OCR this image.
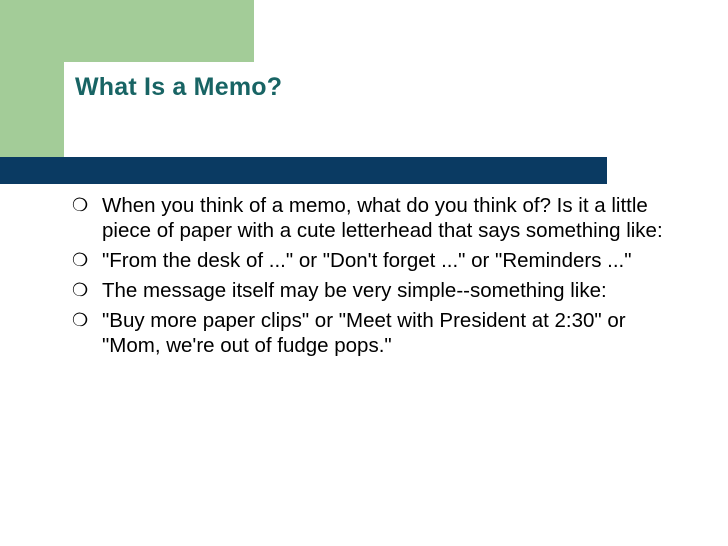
What Is a Memo?
❍ When you think of a memo, what do you think of? Is it a little piece of paper with a cute letterhead that says something like:
❍ "From the desk of ..." or "Don't forget ..." or "Reminders ..."
❍ The message itself may be very simple--something like:
❍ "Buy more paper clips" or "Meet with President at 2:30" or "Mom, we're out of fudge pops."
